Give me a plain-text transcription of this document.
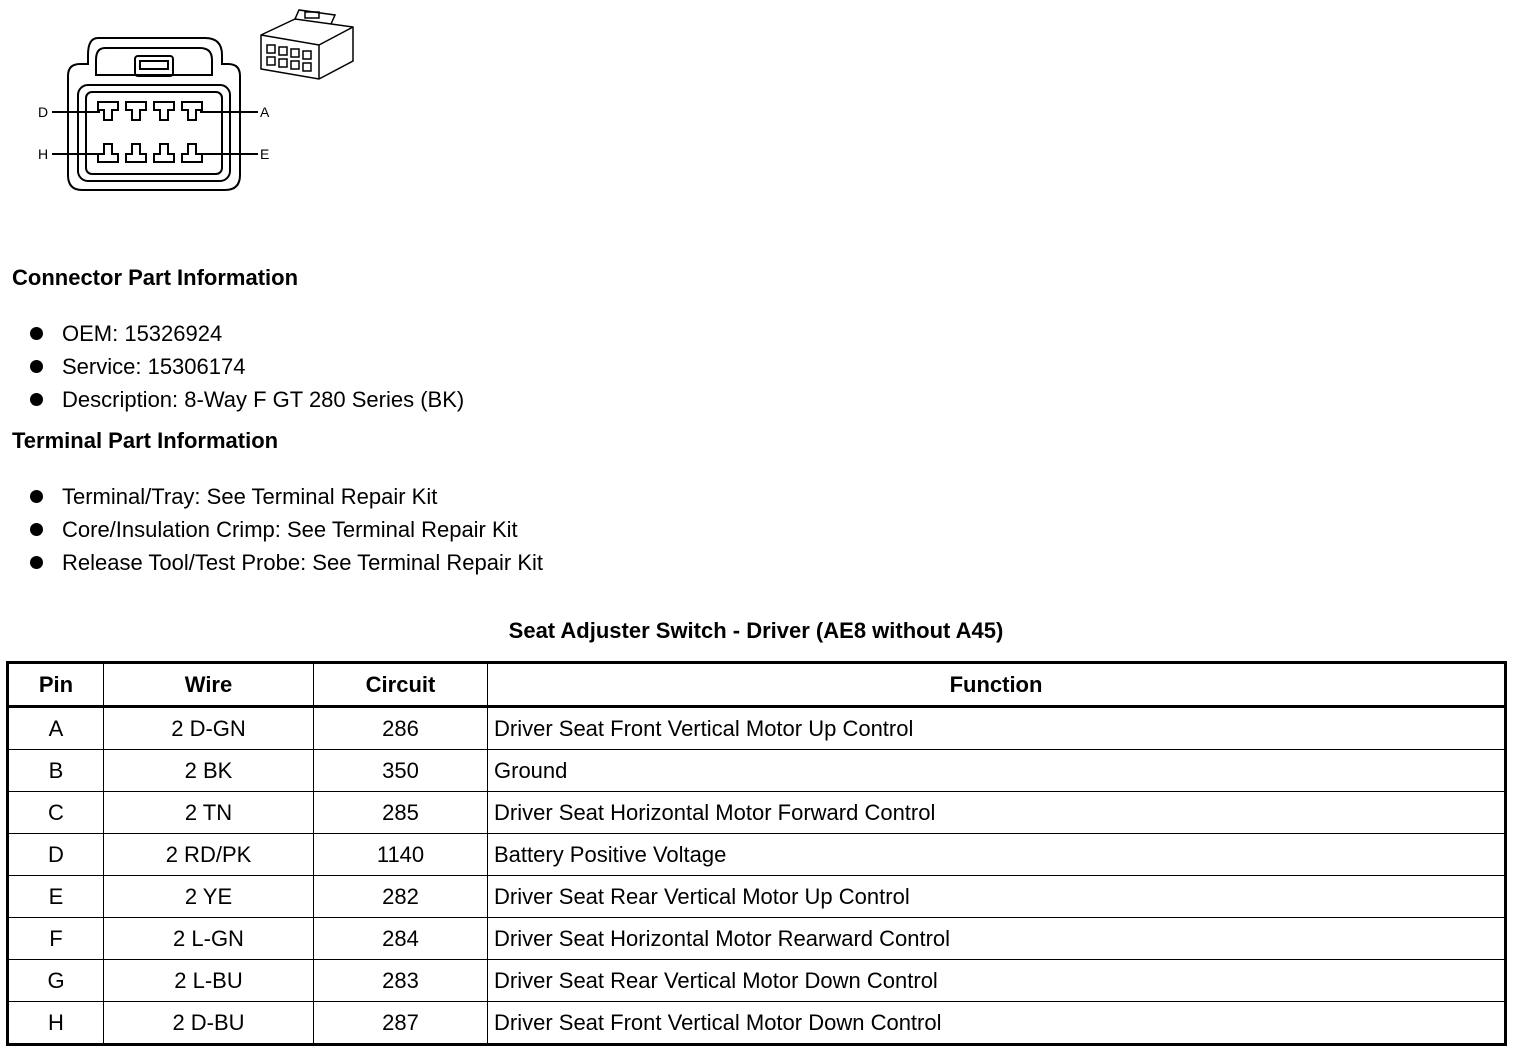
D	A
H	E
Connector Part Information
OEM: 15326924
Service: 15306174
Description: 8-Way F GT 280 Series (BK)
Terminal Part Information
Terminal/Tray: See Terminal Repair Kit
Core/Insulation Crimp: See Terminal Repair Kit
Release Tool/Test Probe: See Terminal Repair Kit
Seat Adjuster Switch - Driver (AE8 without A45)
Pin	Wire	Circuit	Function
A	2 D-GN	286	Driver Seat Front Vertical Motor Up Control
B	2 BK	350	Ground
C	2 TN	285	Driver Seat Horizontal Motor Forward Control
D	2 RD/PK	1140	Battery Positive Voltage
E	2 YE	282	Driver Seat Rear Vertical Motor Up Control
F	2 L-GN	284	Driver Seat Horizontal Motor Rearward Control
G	2 L-BU	283	Driver Seat Rear Vertical Motor Down Control
H	2 D-BU	287	Driver Seat Front Vertical Motor Down Control
